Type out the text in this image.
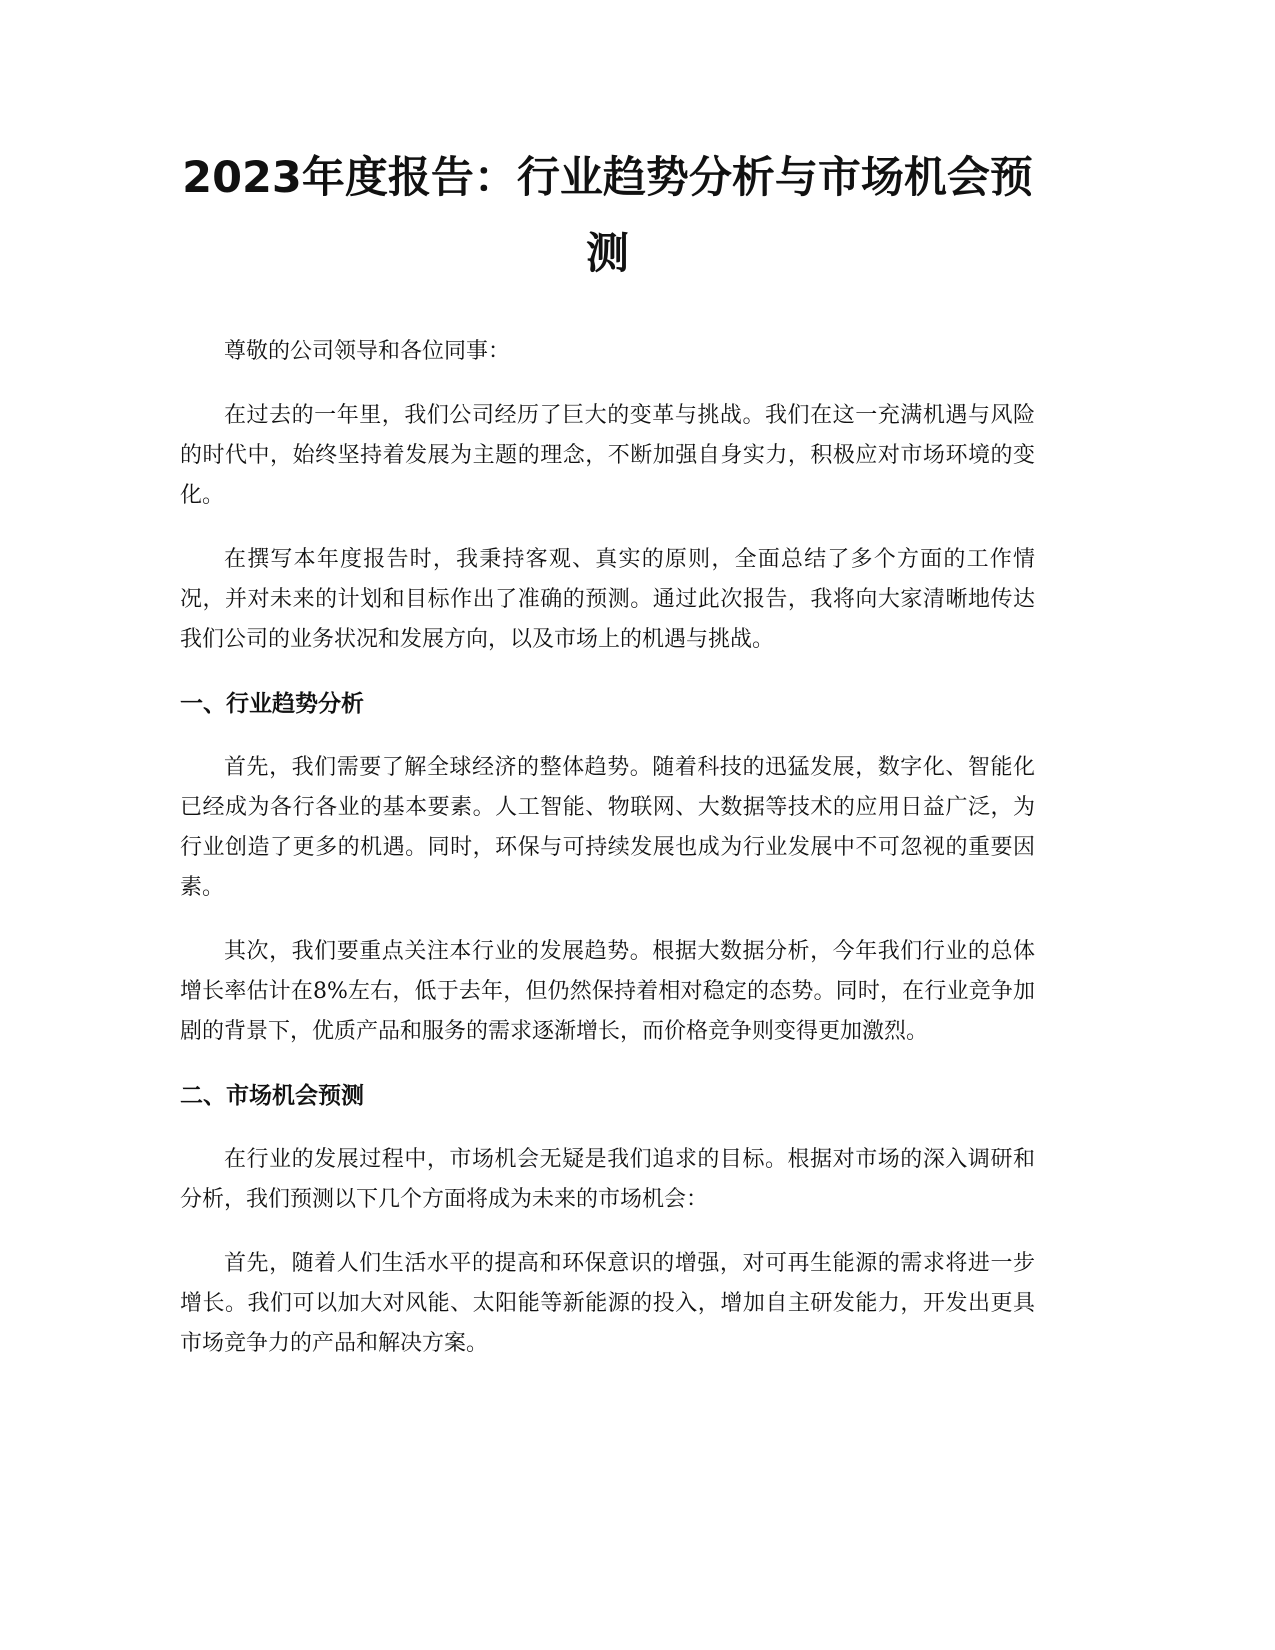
2023年度报告：行业趋势分析与市场机会预测

尊敬的公司领导和各位同事：

在过去的一年里，我们公司经历了巨大的变革与挑战。我们在这一充满机遇与风险的时代中，始终坚持着发展为主题的理念，不断加强自身实力，积极应对市场环境的变化。

在撰写本年度报告时，我秉持客观、真实的原则，全面总结了多个方面的工作情况，并对未来的计划和目标作出了准确的预测。通过此次报告，我将向大家清晰地传达我们公司的业务状况和发展方向，以及市场上的机遇与挑战。

一、行业趋势分析

首先，我们需要了解全球经济的整体趋势。随着科技的迅猛发展，数字化、智能化已经成为各行各业的基本要素。人工智能、物联网、大数据等技术的应用日益广泛，为行业创造了更多的机遇。同时，环保与可持续发展也成为行业发展中不可忽视的重要因素。

其次，我们要重点关注本行业的发展趋势。根据大数据分析，今年我们行业的总体增长率估计在8%左右，低于去年，但仍然保持着相对稳定的态势。同时，在行业竞争加剧的背景下，优质产品和服务的需求逐渐增长，而价格竞争则变得更加激烈。

二、市场机会预测

在行业的发展过程中，市场机会无疑是我们追求的目标。根据对市场的深入调研和分析，我们预测以下几个方面将成为未来的市场机会：

首先，随着人们生活水平的提高和环保意识的增强，对可再生能源的需求将进一步增长。我们可以加大对风能、太阳能等新能源的投入，增加自主研发能力，开发出更具市场竞争力的产品和解决方案。
